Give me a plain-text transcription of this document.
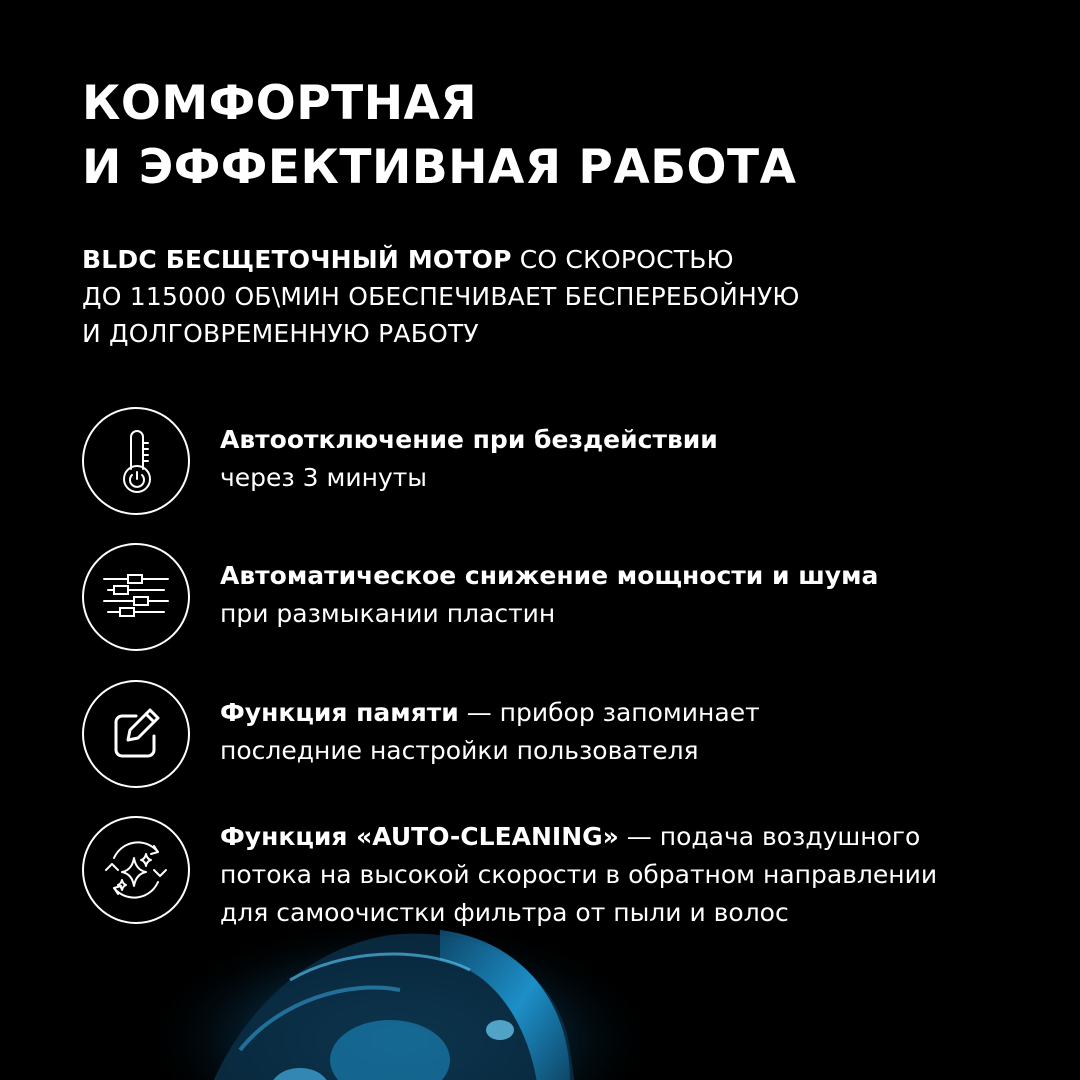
КОМФОРТНАЯ
И ЭФФЕКТИВНАЯ РАБОТА
BLDC БЕСЩЕТОЧНЫЙ МОТОР СО СКОРОСТЬЮ
ДО 115000 ОБ\МИН ОБЕСПЕЧИВАЕТ БЕСПЕРЕБОЙНУЮ
И ДОЛГОВРЕМЕННУЮ РАБОТУ
Автоотключение при бездействии
через 3 минуты
Автоматическое снижение мощности и шума
при размыкании пластин
Функция памяти — прибор запоминает
последние настройки пользователя
Функция «AUTO-CLEANING» — подача воздушного
потока на высокой скорости в обратном направлении
для самоочистки фильтра от пыли и волос
